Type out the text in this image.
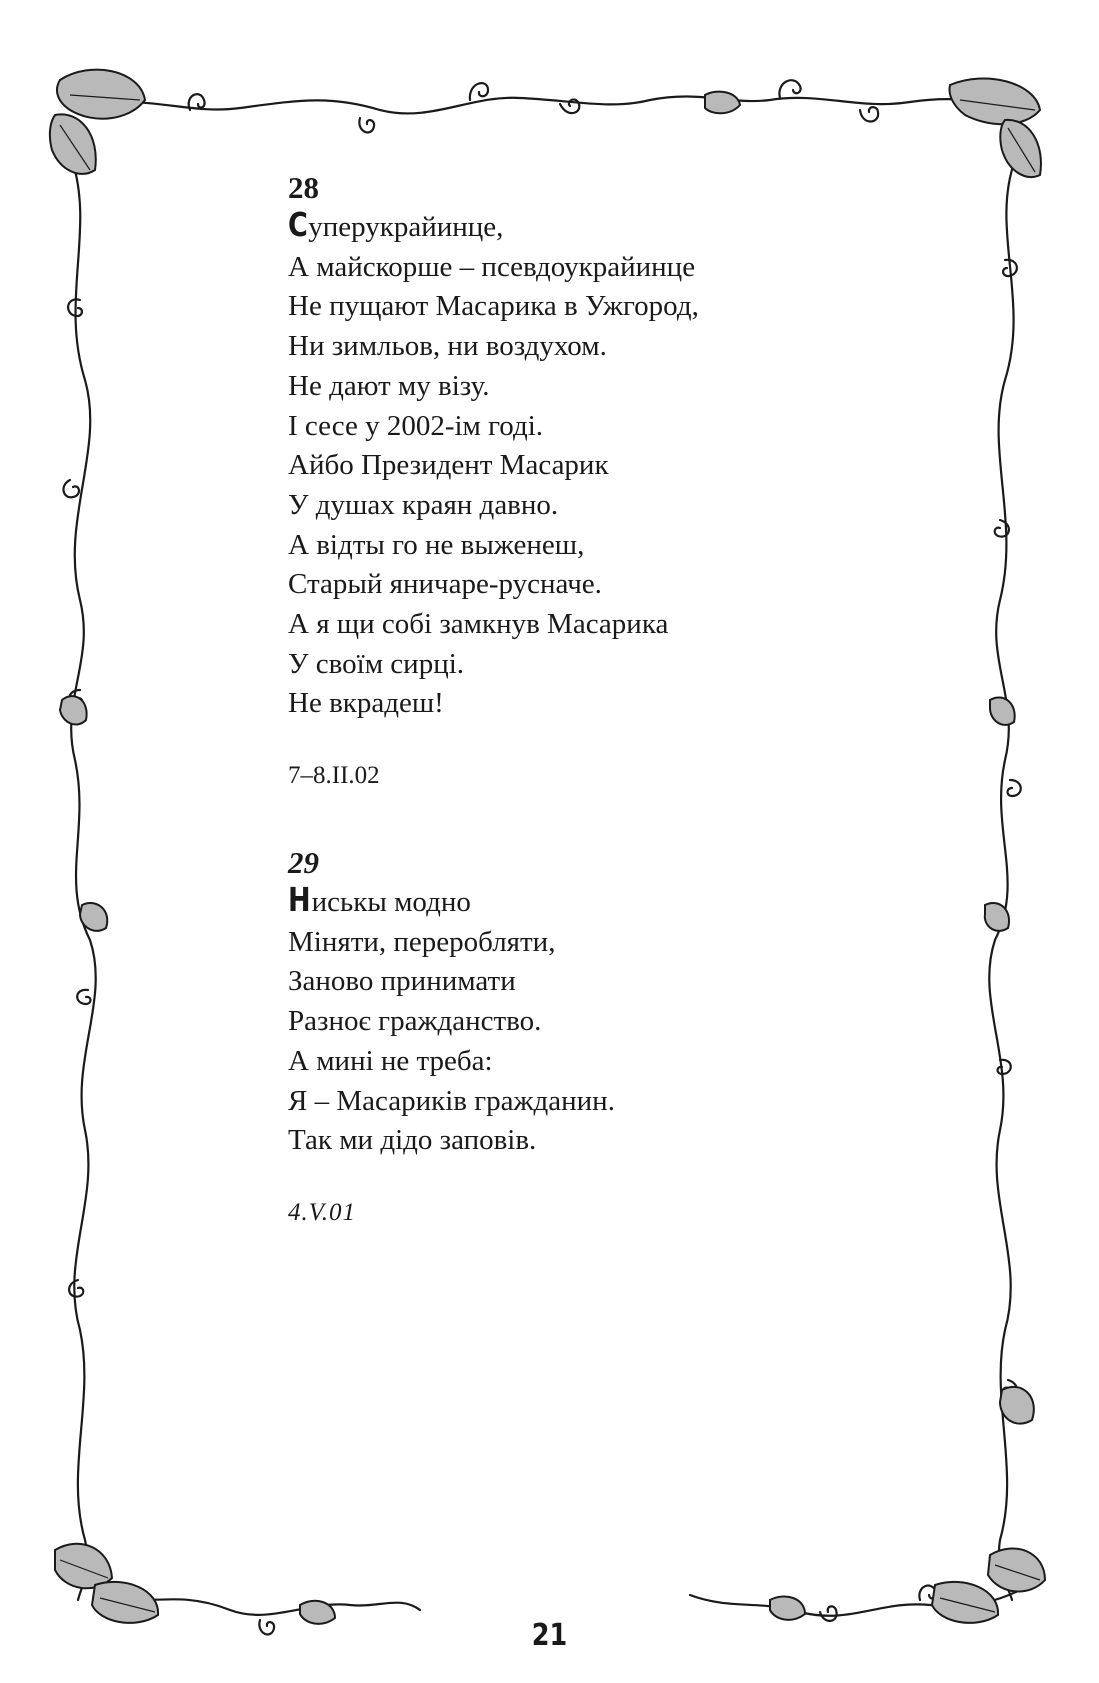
28
Суперукрайинце,
А майскорше – псевдоукрайинце
Не пущают Масарика в Ужгород,
Ни зимльов, ни воздухом.
Не дают му візу.
І сесе у 2002-ім годі.
Айбо Президент Масарик
У душах краян давно.
А відты го не выженеш,
Старый яничаре-русначе.
А я щи собі замкнув Масарика
У своїм сирці.
Не вкрадеш!
7–8.II.02
29
Ниськы модно
Міняти, переробляти,
Заново принимати
Разноє гражданство.
А мині не треба:
Я – Масариків гражданин.
Так ми дідо заповів.
4.V.01
21
